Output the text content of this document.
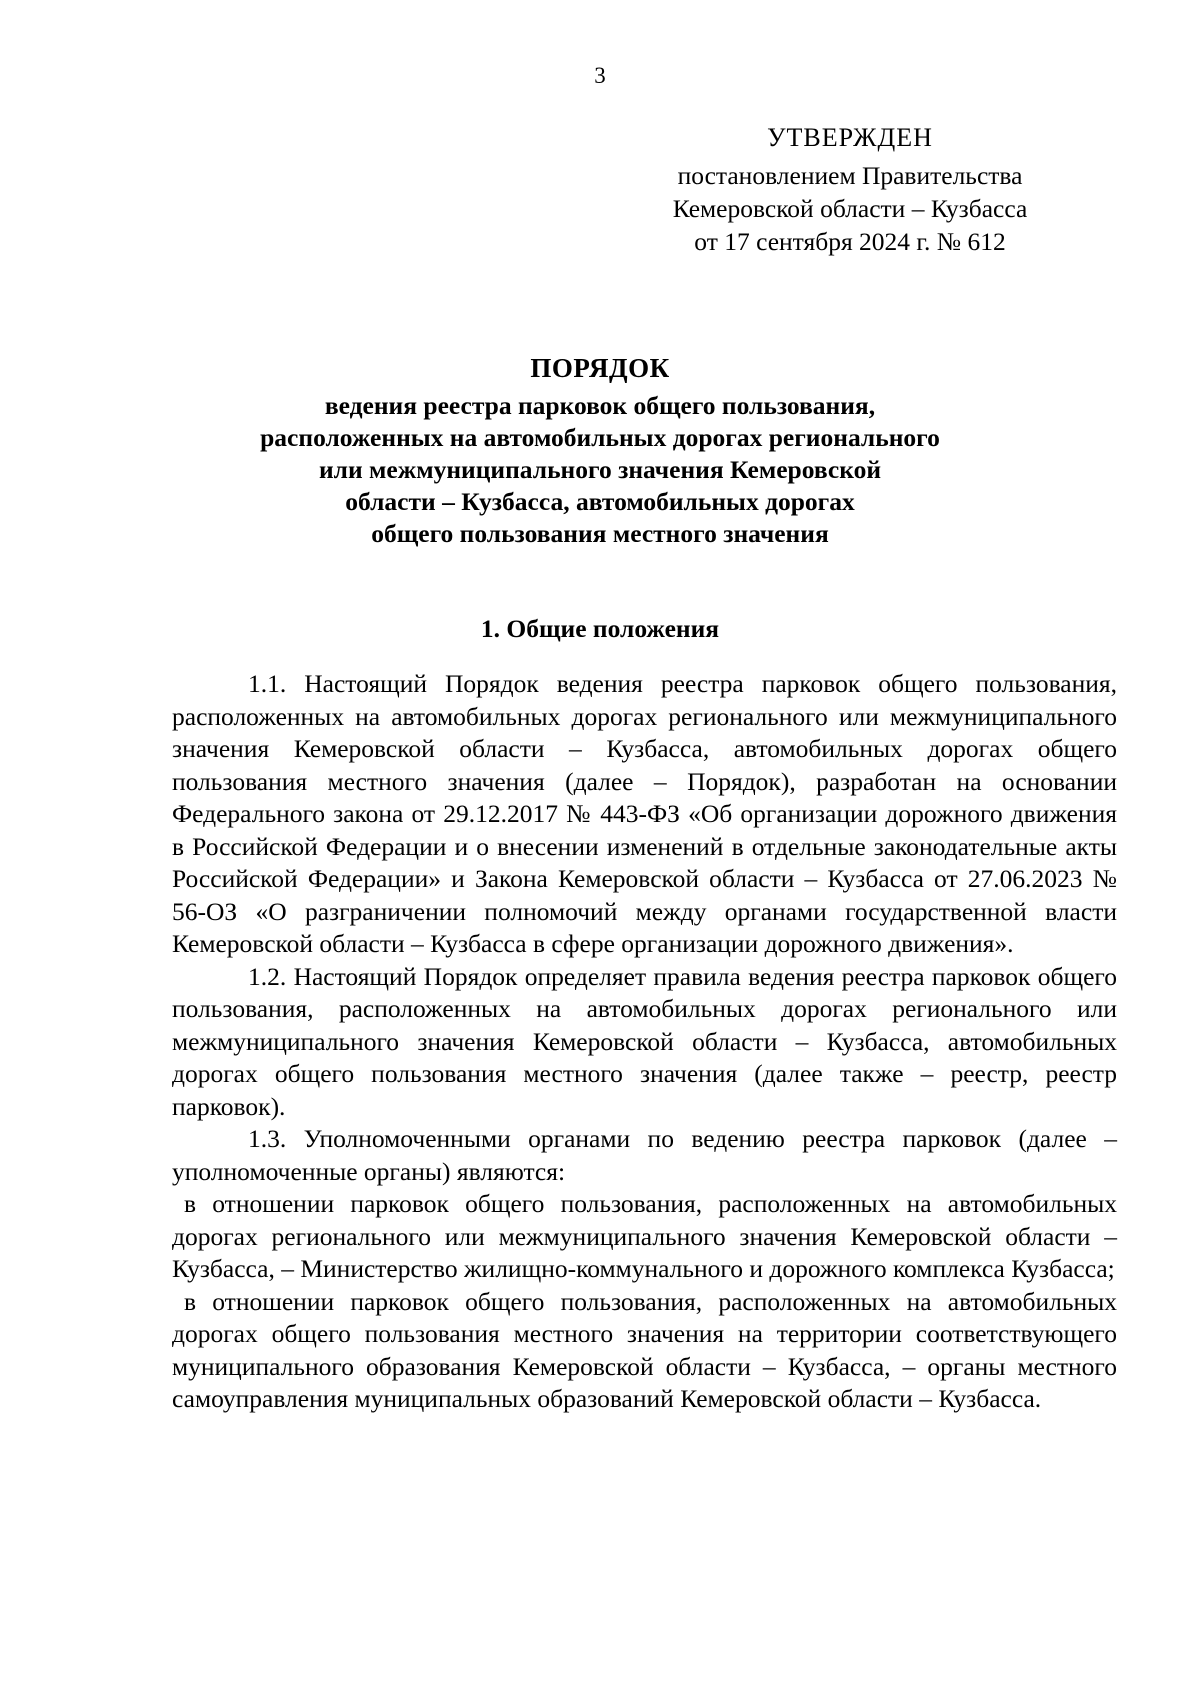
3
УТВЕРЖДЕН
постановлением Правительства
Кемеровской области – Кузбасса
от 17 сентября 2024 г. № 612
ПОРЯДОК
ведения реестра парковок общего пользования,
расположенных на автомобильных дорогах регионального
или межмуниципального значения Кемеровской
области – Кузбасса, автомобильных дорогах
общего пользования местного значения
1. Общие положения

1.1. Настоящий Порядок ведения реестра парковок общего пользования, расположенных на автомобильных дорогах регионального или межмуниципального значения Кемеровской области – Кузбасса, автомобильных дорогах общего пользования местного значения (далее – Порядок), разработан на основании Федерального закона от 29.12.2017 № 443-ФЗ «Об организации дорожного движения в Российской Федерации и о внесении изменений в отдельные законодательные акты Российской Федерации» и Закона Кемеровской области – Кузбасса от 27.06.2023 № 56-ОЗ «О разграничении полномочий между органами государственной власти Кемеровской области – Кузбасса в сфере организации дорожного движения».

1.2. Настоящий Порядок определяет правила ведения реестра парковок общего пользования, расположенных на автомобильных дорогах регионального или межмуниципального значения Кемеровской области – Кузбасса, автомобильных дорогах общего пользования местного значения (далее также – реестр, реестр парковок).

1.3. Уполномоченными органами по ведению реестра парковок (далее – уполномоченные органы) являются:

в отношении парковок общего пользования, расположенных на автомобильных дорогах регионального или межмуниципального значения Кемеровской области – Кузбасса, – Министерство жилищно-коммунального и дорожного комплекса Кузбасса;

в отношении парковок общего пользования, расположенных на автомобильных дорогах общего пользования местного значения на территории соответствующего муниципального образования Кемеровской области – Кузбасса, – органы местного самоуправления муниципальных образований Кемеровской области – Кузбасса.
